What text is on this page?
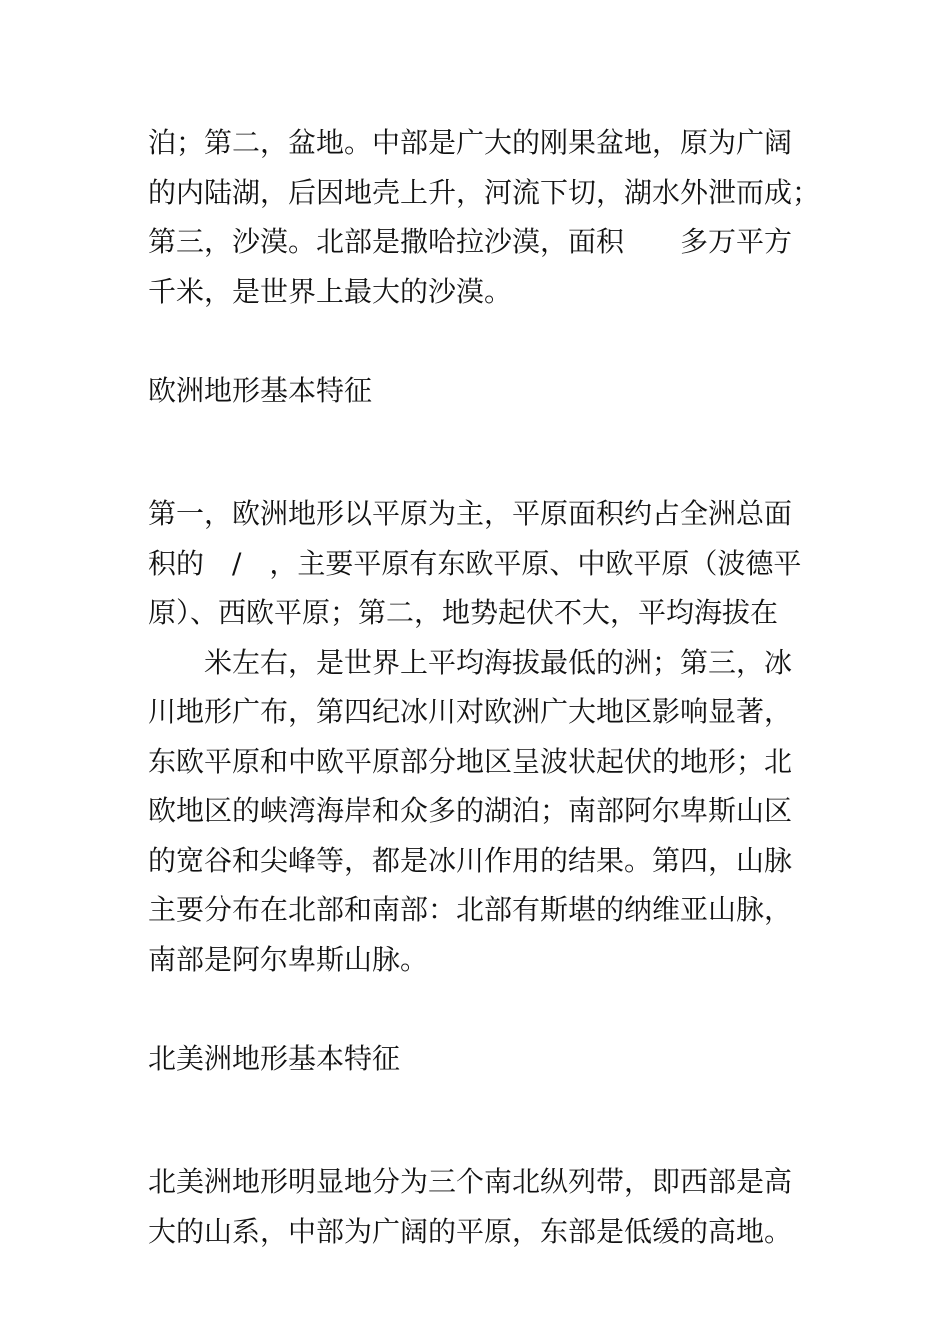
泊；第二，盆地。中部是广大的刚果盆地，原为广阔
的内陆湖，后因地壳上升，河流下切，湖水外泄而成；
第三，沙漠。北部是撒哈拉沙漠，面积　　多万平方
千米，是世界上最大的沙漠。
欧洲地形基本特征
第一，欧洲地形以平原为主，平原面积约占全洲总面
积的　/　，主要平原有东欧平原、中欧平原（波德平
原）、西欧平原；第二，地势起伏不大，平均海拔在
　　米左右，是世界上平均海拔最低的洲；第三，冰
川地形广布，第四纪冰川对欧洲广大地区影响显著，
东欧平原和中欧平原部分地区呈波状起伏的地形；北
欧地区的峡湾海岸和众多的湖泊；南部阿尔卑斯山区
的宽谷和尖峰等，都是冰川作用的结果。第四，山脉
主要分布在北部和南部：北部有斯堪的纳维亚山脉，
南部是阿尔卑斯山脉。
北美洲地形基本特征
北美洲地形明显地分为三个南北纵列带，即西部是高
大的山系，中部为广阔的平原，东部是低缓的高地。
